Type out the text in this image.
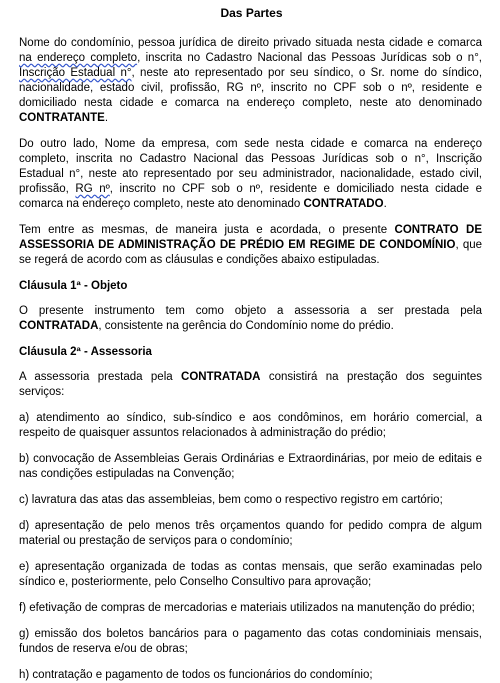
Das Partes

Nome do condomínio, pessoa jurídica de direito privado situada nesta cidade e comarca na endereço completo, inscrita no Cadastro Nacional das Pessoas Jurídicas sob o n°, Inscrição Estadual n°, neste ato representado por seu síndico, o Sr. nome do síndico, nacionalidade, estado civil, profissão, RG nº, inscrito no CPF sob o nº, residente e domiciliado nesta cidade e comarca na endereço completo, neste ato denominado CONTRATANTE.

Do outro lado, Nome da empresa, com sede nesta cidade e comarca na endereço completo, inscrita no Cadastro Nacional das Pessoas Jurídicas sob o n°, Inscrição Estadual n°, neste ato representado por seu administrador, nacionalidade, estado civil, profissão, RG nº, inscrito no CPF sob o nº, residente e domiciliado nesta cidade e comarca na endereço completo, neste ato denominado CONTRATADO.

Tem entre as mesmas, de maneira justa e acordada, o presente CONTRATO DE ASSESSORIA DE ADMINISTRAÇÃO DE PRÉDIO EM REGIME DE CONDOMÍNIO, que se regerá de acordo com as cláusulas e condições abaixo estipuladas.

Cláusula 1ª - Objeto

O presente instrumento tem como objeto a assessoria a ser prestada pela CONTRATADA, consistente na gerência do Condomínio nome do prédio.

Cláusula 2ª - Assessoria

A assessoria prestada pela CONTRATADA consistirá na prestação dos seguintes serviços:

a) atendimento ao síndico, sub-síndico e aos condôminos, em horário comercial, a respeito de quaisquer assuntos relacionados à administração do prédio;

b) convocação de Assembleias Gerais Ordinárias e Extraordinárias, por meio de editais e nas condições estipuladas na Convenção;

c) lavratura das atas das assembleias, bem como o respectivo registro em cartório;

d) apresentação de pelo menos três orçamentos quando for pedido compra de algum material ou prestação de serviços para o condomínio;

e) apresentação organizada de todas as contas mensais, que serão examinadas pelo síndico e, posteriormente, pelo Conselho Consultivo para aprovação;

f) efetivação de compras de mercadorias e materiais utilizados na manutenção do prédio;

g) emissão dos boletos bancários para o pagamento das cotas condominiais mensais, fundos de reserva e/ou de obras;

h) contratação e pagamento de todos os funcionários do condomínio;
